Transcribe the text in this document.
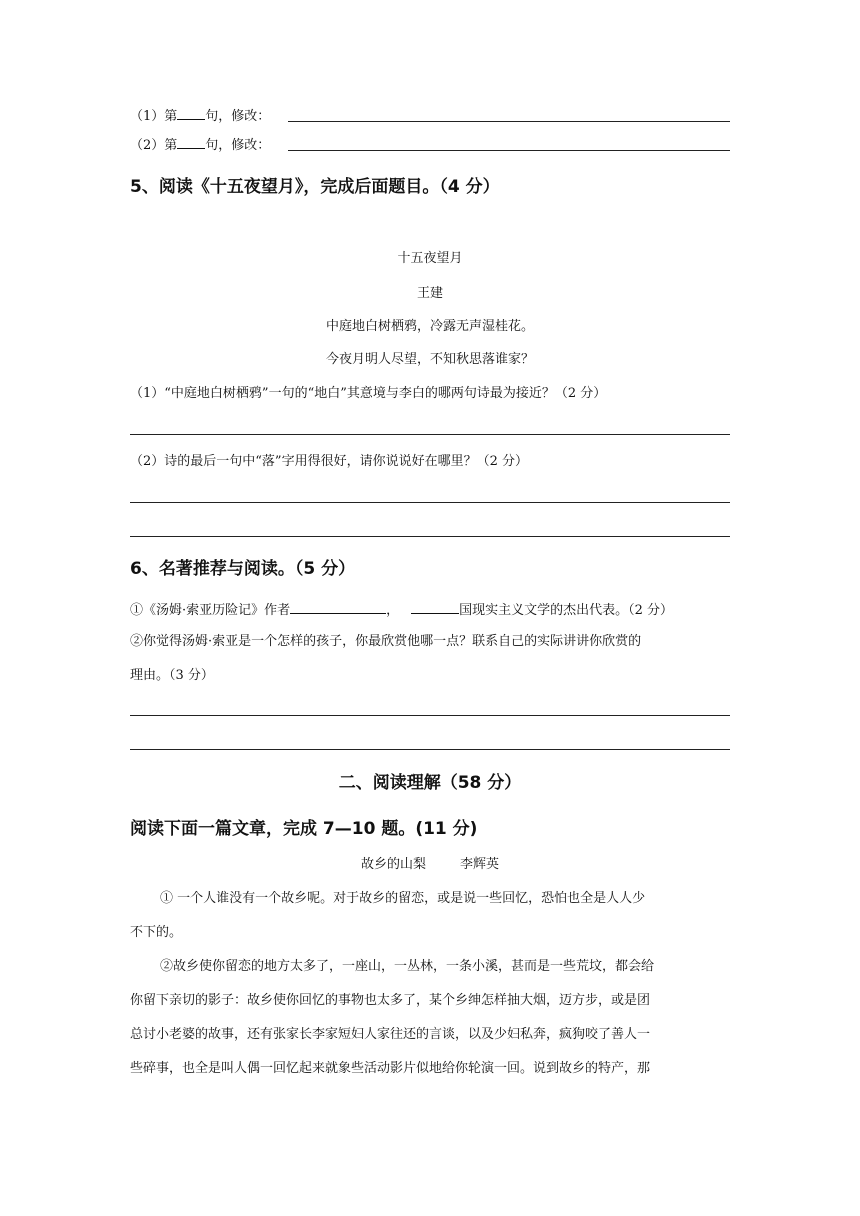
（1）第 句，修改：
（2）第 句，修改：
5、阅读《十五夜望月》，完成后面题目。（4 分）
十五夜望月
王建
中庭地白树栖鸦，冷露无声湿桂花。
今夜月明人尽望，不知秋思落谁家？
（1）“中庭地白树栖鸦”一句的“地白”其意境与李白的哪两句诗最为接近？（2 分）
（2）诗的最后一句中“落”字用得很好，请你说说好在哪里？（2 分）
6、名著推荐与阅读。（5 分）
①《汤姆·索亚历险记》作者	，	国现实主义文学的杰出代表。（2 分）
②你觉得汤姆·索亚是一个怎样的孩子，你最欣赏他哪一点？联系自己的实际讲讲你欣赏的
理由。（3 分）
二、阅读理解（58 分）
阅读下面一篇文章，完成 7—10 题。(11 分)
故乡的山梨	李辉英
① 一个人谁没有一个故乡呢。对于故乡的留恋，或是说一些回忆，恐怕也全是人人少
不下的。
②故乡使你留恋的地方太多了，一座山，一丛林，一条小溪，甚而是一些荒坟，都会给
你留下亲切的影子：故乡使你回忆的事物也太多了，某个乡绅怎样抽大烟，迈方步，或是团
总讨小老婆的故事，还有张家长李家短妇人家往还的言谈，以及少妇私奔，疯狗咬了善人一
些碎事，也全是叫人偶一回忆起来就象些活动影片似地给你轮演一回。说到故乡的特产，那
